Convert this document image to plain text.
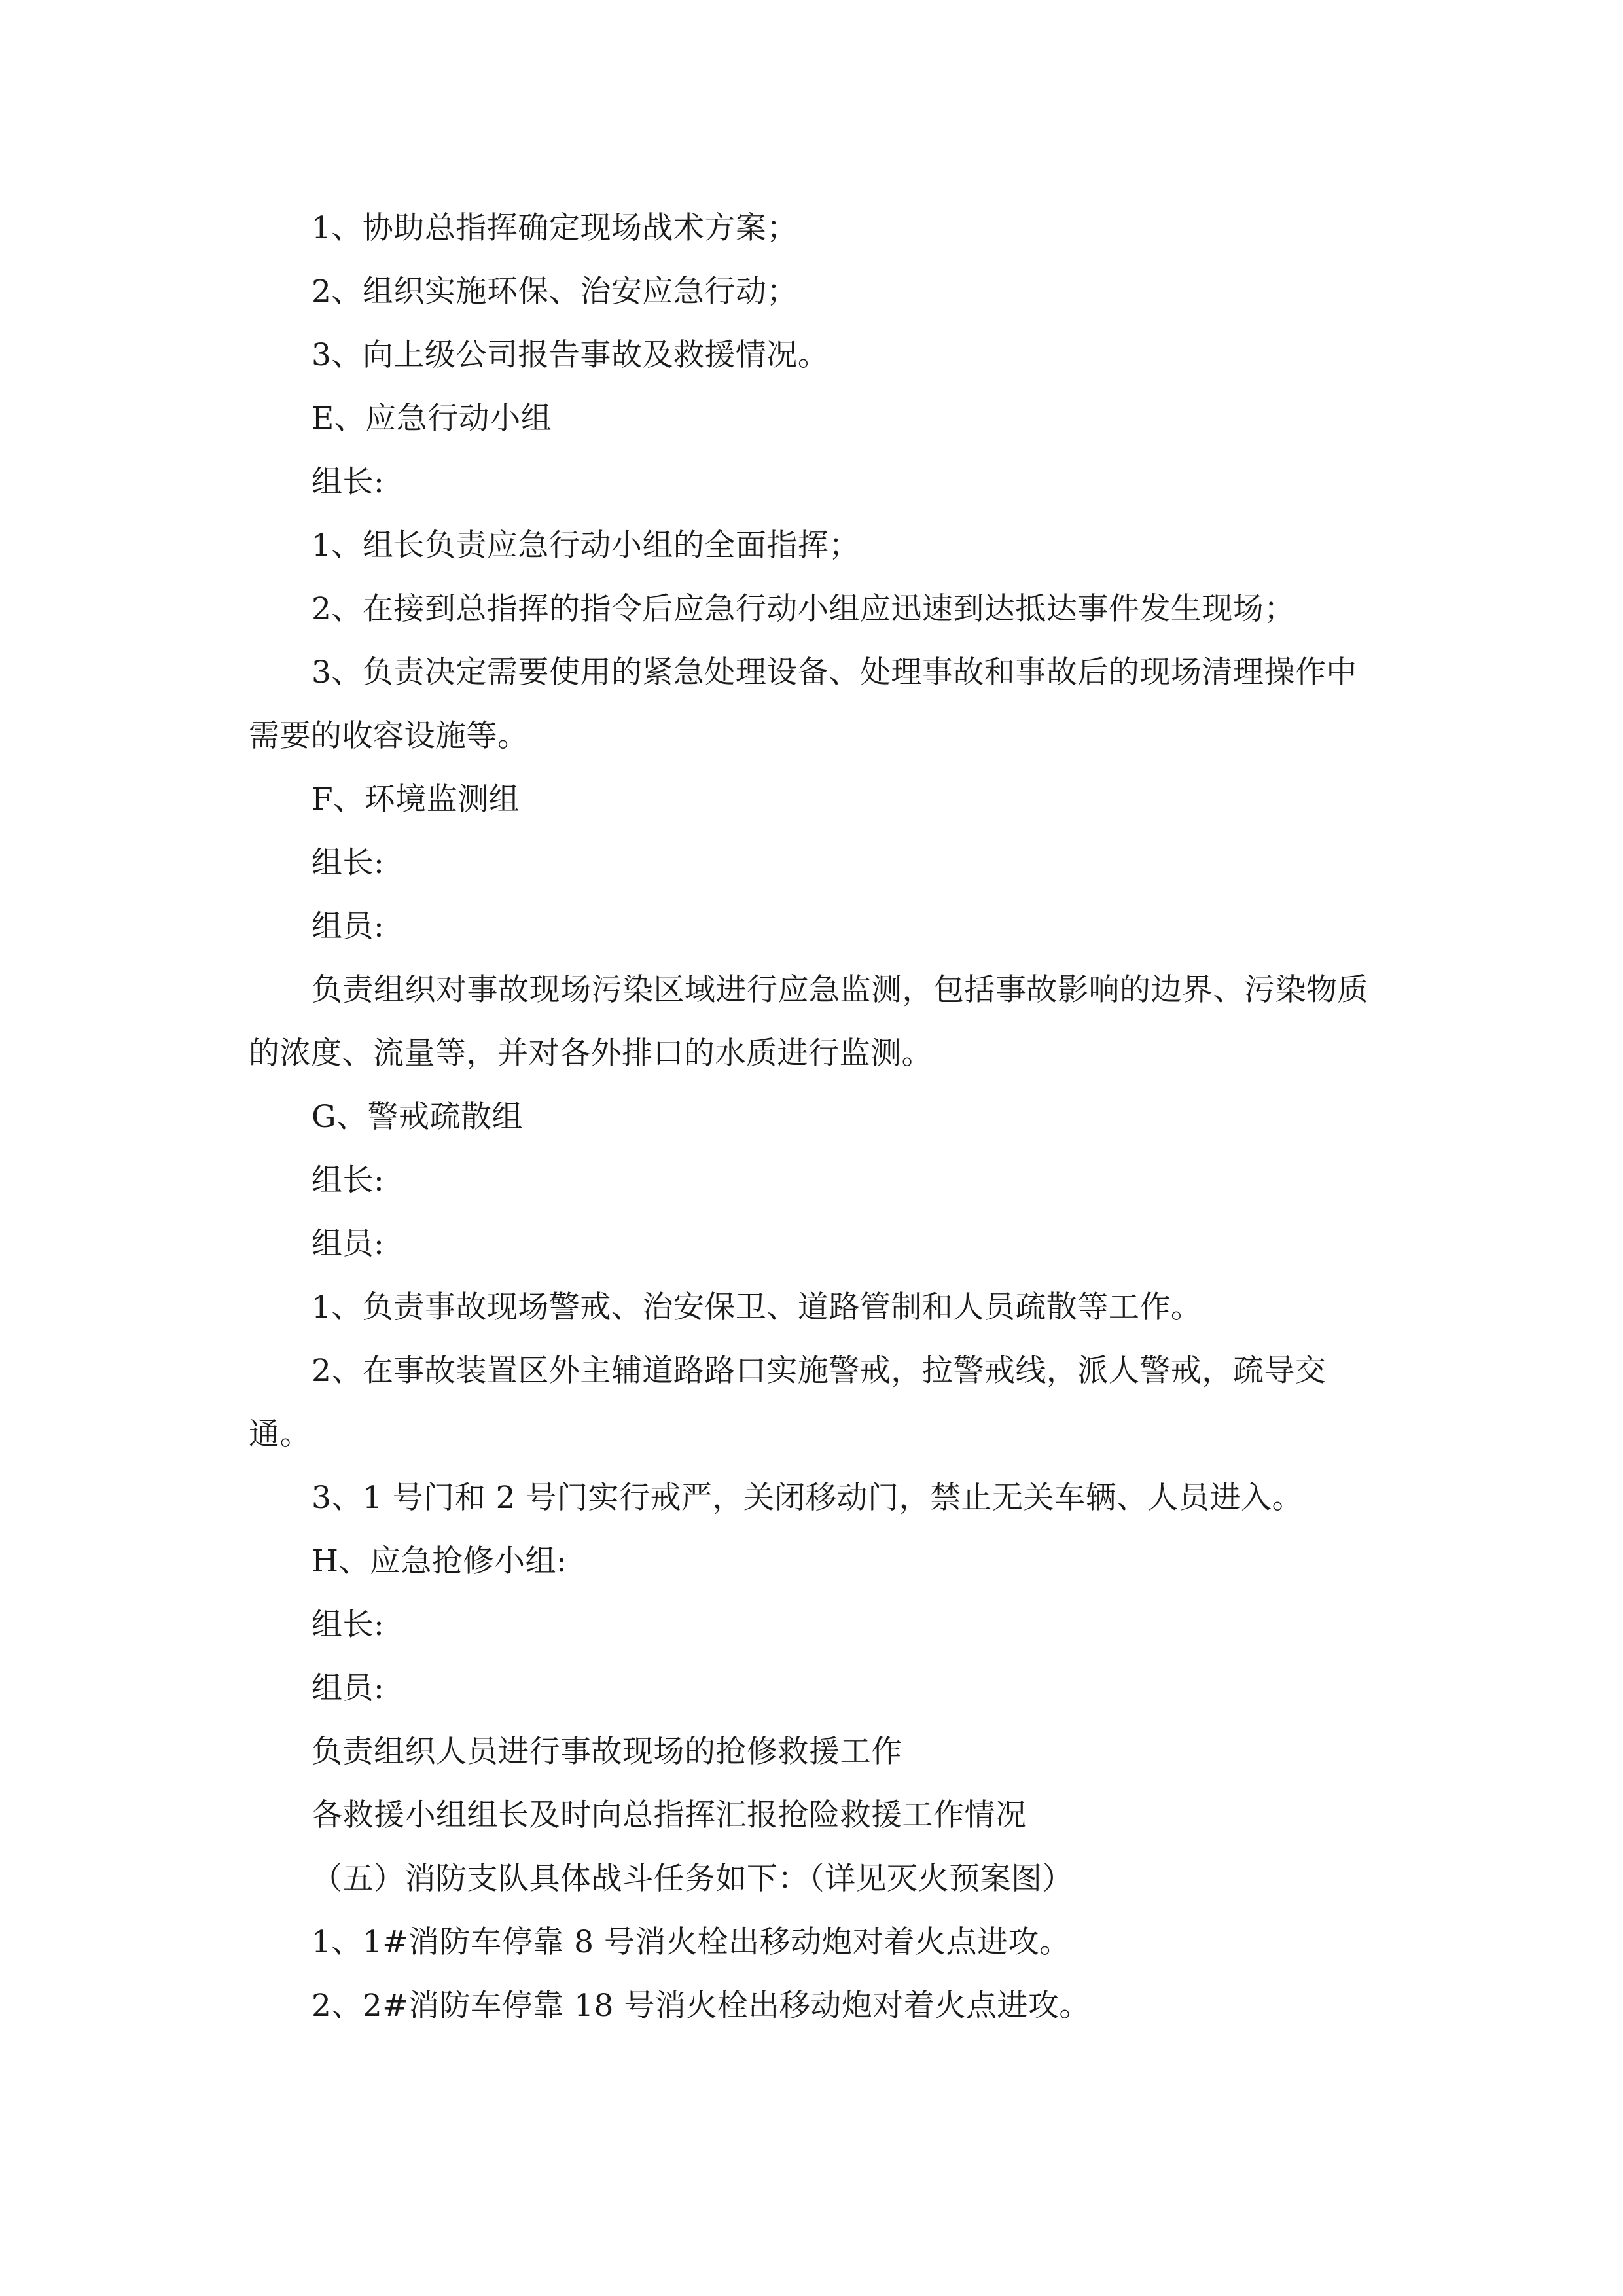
1、协助总指挥确定现场战术方案；

2、组织实施环保、治安应急行动；

3、向上级公司报告事故及救援情况。

E、应急行动小组

组长:

1、组长负责应急行动小组的全面指挥；

2、在接到总指挥的指令后应急行动小组应迅速到达抵达事件发生现场；

3、负责决定需要使用的紧急处理设备、处理事故和事故后的现场清理操作中需要的收容设施等。

F、环境监测组

组长:

组员:

负责组织对事故现场污染区域进行应急监测，包括事故影响的边界、污染物质的浓度、流量等，并对各外排口的水质进行监测。

G、警戒疏散组

组长:

组员:

1、负责事故现场警戒、治安保卫、道路管制和人员疏散等工作。

2、在事故装置区外主辅道路路口实施警戒，拉警戒线，派人警戒，疏导交通。

3、1 号门和 2 号门实行戒严，关闭移动门，禁止无关车辆、人员进入。

H、应急抢修小组:

组长:

组员:

负责组织人员进行事故现场的抢修救援工作

各救援小组组长及时向总指挥汇报抢险救援工作情况

（五）消防支队具体战斗任务如下：（详见灭火预案图）

1、1#消防车停靠 8 号消火栓出移动炮对着火点进攻。

2、2#消防车停靠 18 号消火栓出移动炮对着火点进攻。
